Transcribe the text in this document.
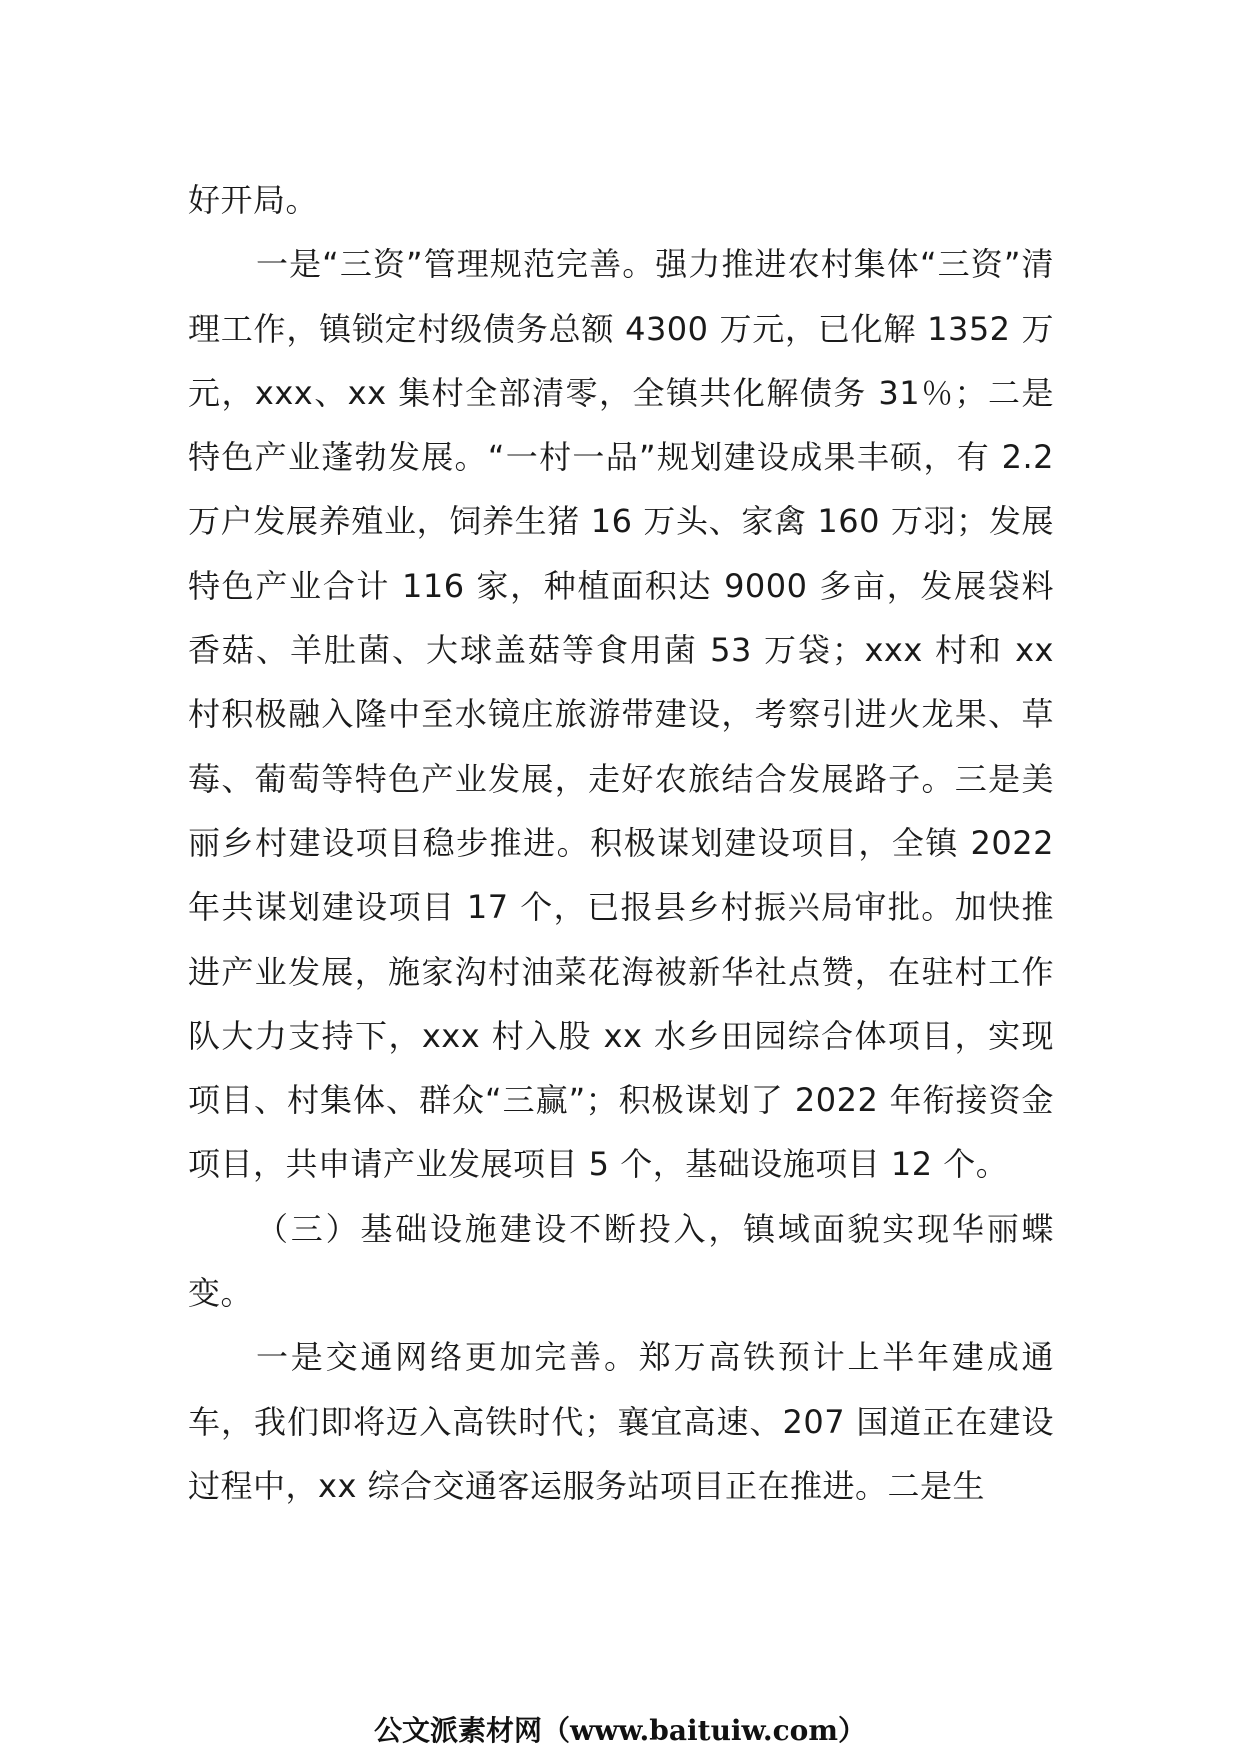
好开局。

一是“三资”管理规范完善。强力推进农村集体“三资”清理工作，镇锁定村级债务总额 4300 万元，已化解 1352 万元，xxx、xx 集村全部清零，全镇共化解债务 31％；二是特色产业蓬勃发展。“一村一品”规划建设成果丰硕，有 2.2 万户发展养殖业，饲养生猪 16 万头、家禽 160 万羽；发展特色产业合计 116 家，种植面积达 9000 多亩，发展袋料香菇、羊肚菌、大球盖菇等食用菌 53 万袋；xxx 村和 xx 村积极融入隆中至水镜庄旅游带建设，考察引进火龙果、草莓、葡萄等特色产业发展，走好农旅结合发展路子。三是美丽乡村建设项目稳步推进。积极谋划建设项目，全镇 2022 年共谋划建设项目 17 个，已报县乡村振兴局审批。加快推进产业发展，施家沟村油菜花海被新华社点赞，在驻村工作队大力支持下，xxx 村入股 xx 水乡田园综合体项目，实现项目、村集体、群众“三赢”；积极谋划了 2022 年衔接资金项目，共申请产业发展项目 5 个，基础设施项目 12 个。

（三）基础设施建设不断投入，镇域面貌实现华丽蝶变。

一是交通网络更加完善。郑万高铁预计上半年建成通车，我们即将迈入高铁时代；襄宜高速、207 国道正在建设过程中，xx 综合交通客运服务站项目正在推进。二是生

公文派素材网（www.baituiw.com）
